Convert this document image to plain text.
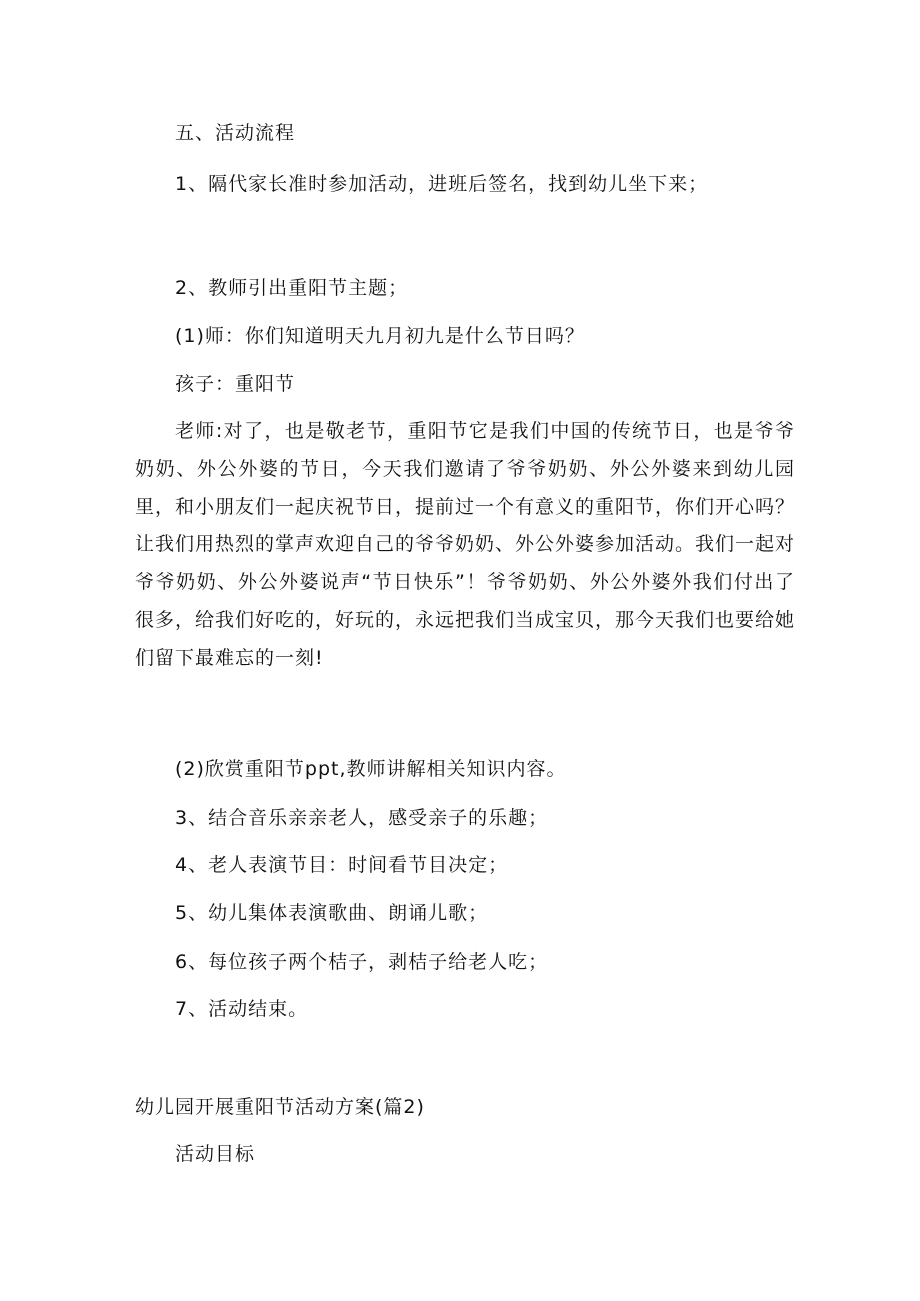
五、活动流程
1、隔代家长准时参加活动，进班后签名，找到幼儿坐下来；
2、教师引出重阳节主题；
(1)师：你们知道明天九月初九是什么节日吗？
孩子：重阳节
老师:对了，也是敬老节，重阳节它是我们中国的传统节日，也是爷爷奶奶、外公外婆的节日，今天我们邀请了爷爷奶奶、外公外婆来到幼儿园里，和小朋友们一起庆祝节日，提前过一个有意义的重阳节，你们开心吗？让我们用热烈的掌声欢迎自己的爷爷奶奶、外公外婆参加活动。我们一起对爷爷奶奶、外公外婆说声“节日快乐”！爷爷奶奶、外公外婆外我们付出了很多，给我们好吃的，好玩的，永远把我们当成宝贝，那今天我们也要给她们留下最难忘的一刻!
(2)欣赏重阳节ppt,教师讲解相关知识内容。
3、结合音乐亲亲老人，感受亲子的乐趣；
4、老人表演节目：时间看节目决定；
5、幼儿集体表演歌曲、朗诵儿歌；
6、每位孩子两个桔子，剥桔子给老人吃；
7、活动结束。
幼儿园开展重阳节活动方案(篇2)
活动目标
